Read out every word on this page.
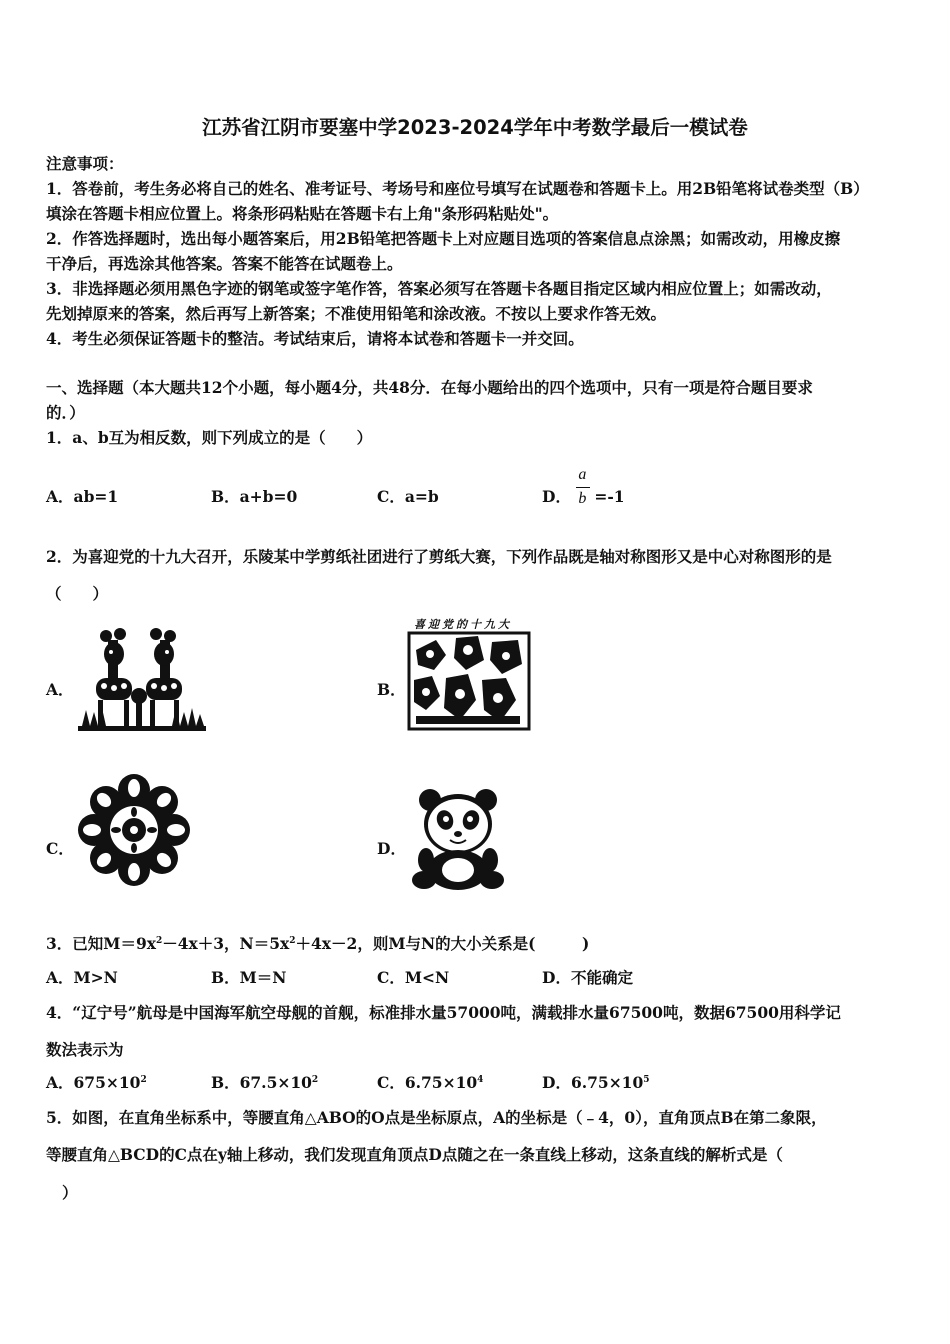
江苏省江阴市要塞中学2023-2024学年中考数学最后一模试卷
注意事项：
1．答卷前，考生务必将自己的姓名、准考证号、考场号和座位号填写在试题卷和答题卡上。用2B铅笔将试卷类型（B）
填涂在答题卡相应位置上。将条形码粘贴在答题卡右上角"条形码粘贴处"。
2．作答选择题时，选出每小题答案后，用2B铅笔把答题卡上对应题目选项的答案信息点涂黑；如需改动，用橡皮擦
干净后，再选涂其他答案。答案不能答在试题卷上。
3．非选择题必须用黑色字迹的钢笔或签字笔作答，答案必须写在答题卡各题目指定区域内相应位置上；如需改动，
先划掉原来的答案，然后再写上新答案；不准使用铅笔和涂改液。不按以上要求作答无效。
4．考生必须保证答题卡的整洁。考试结束后，请将本试卷和答题卡一并交回。
一、选择题（本大题共12个小题，每小题4分，共48分．在每小题给出的四个选项中，只有一项是符合题目要求
的．）
1．a、b互为相反数，则下列成立的是（　　）
A．ab=1	B．a+b=0	C．a=b	D． $\frac{a}{b} =-1$
2．为喜迎党的十九大召开，乐陵某中学剪纸社团进行了剪纸大赛，下列作品既是轴对称图形又是中心对称图形的是
（　　）
A．	B．
喜迎党的十九大
C．	D．
3．已知$M=9x^2-4x+3$，$N=5x^2+4x-2$，则M与N的大小关系是(　　　)
A．M>N	B．M＝N	C．M<N	D．不能确定
4．“辽宁号”航母是中国海军航空母舰的首舰，标准排水量57000吨，满载排水量67500吨，数据67500用科学记
数法表示为
A．$675\times 10^2$	B．$67.5\times 10^2$	C．$6.75\times 10^4$	D．$6.75\times 10^5$
5．如图，在直角坐标系中，等腰直角△ABO的O点是坐标原点，A的坐标是（﹣4，0），直角顶点B在第二象限，
等腰直角△BCD的C点在y轴上移动，我们发现直角顶点D点随之在一条直线上移动，这条直线的解析式是（
）
